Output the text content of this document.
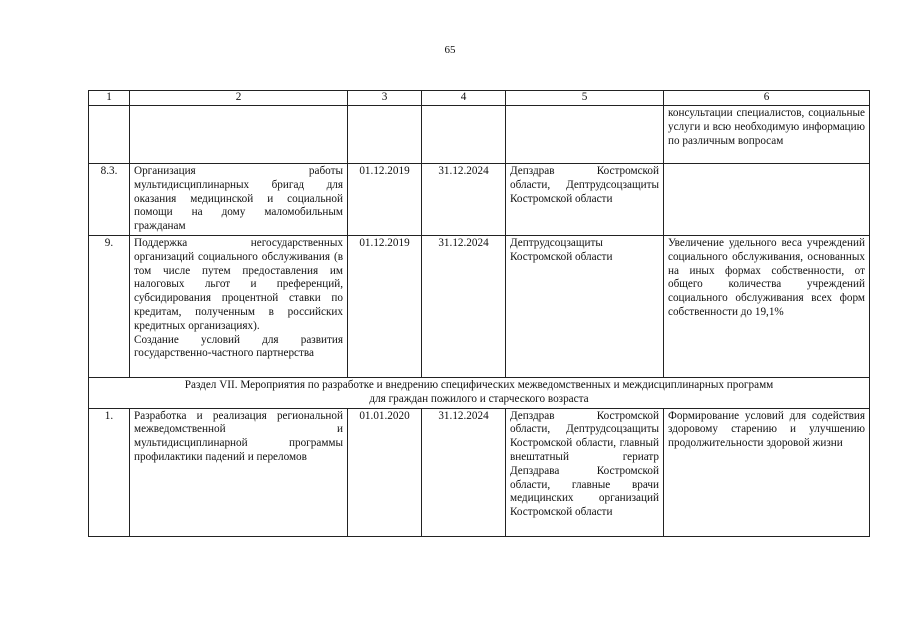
65
1	2	3	4	5	6
					консультации специалистов, социальные услуги и всю необходимую информацию по различным вопросам
8.3.	Организация работы мультидисциплинарных бригад для оказания медицинской и социальной помощи на дому маломобильным гражданам	01.12.2019	31.12.2024	Депздрав Костромской области, Дептрудсоцзащиты Костромской области	
9.	Поддержка негосударственных организаций социального обслуживания (в том числе путем предоставления им налоговых льгот и преференций, субсидирования процентной ставки по кредитам, полученным в российских кредитных организациях).
Создание условий для развития государственно-частного партнерства	01.12.2019	31.12.2024	Дептрудсоцзащиты Костромской области	Увеличение удельного веса учреждений социального обслуживания, основанных на иных формах собственности, от общего количества учреждений социального обслуживания всех форм собственности до 19,1%

Раздел VII. Мероприятия по разработке и внедрению специфических межведомственных и междисциплинарных программ
для граждан пожилого и старческого возраста					

1.	Разработка и реализация региональной межведомственной и мультидисциплинарной программы профилактики падений и переломов	01.01.2020	31.12.2024	Депздрав Костромской области, Дептрудсоцзащиты Костромской области, главный внештатный гериатр Депздрава Костромской области, главные врачи медицинских организаций Костромской области	Формирование условий для содействия здоровому старению и улучшению продолжительности здоровой жизни
